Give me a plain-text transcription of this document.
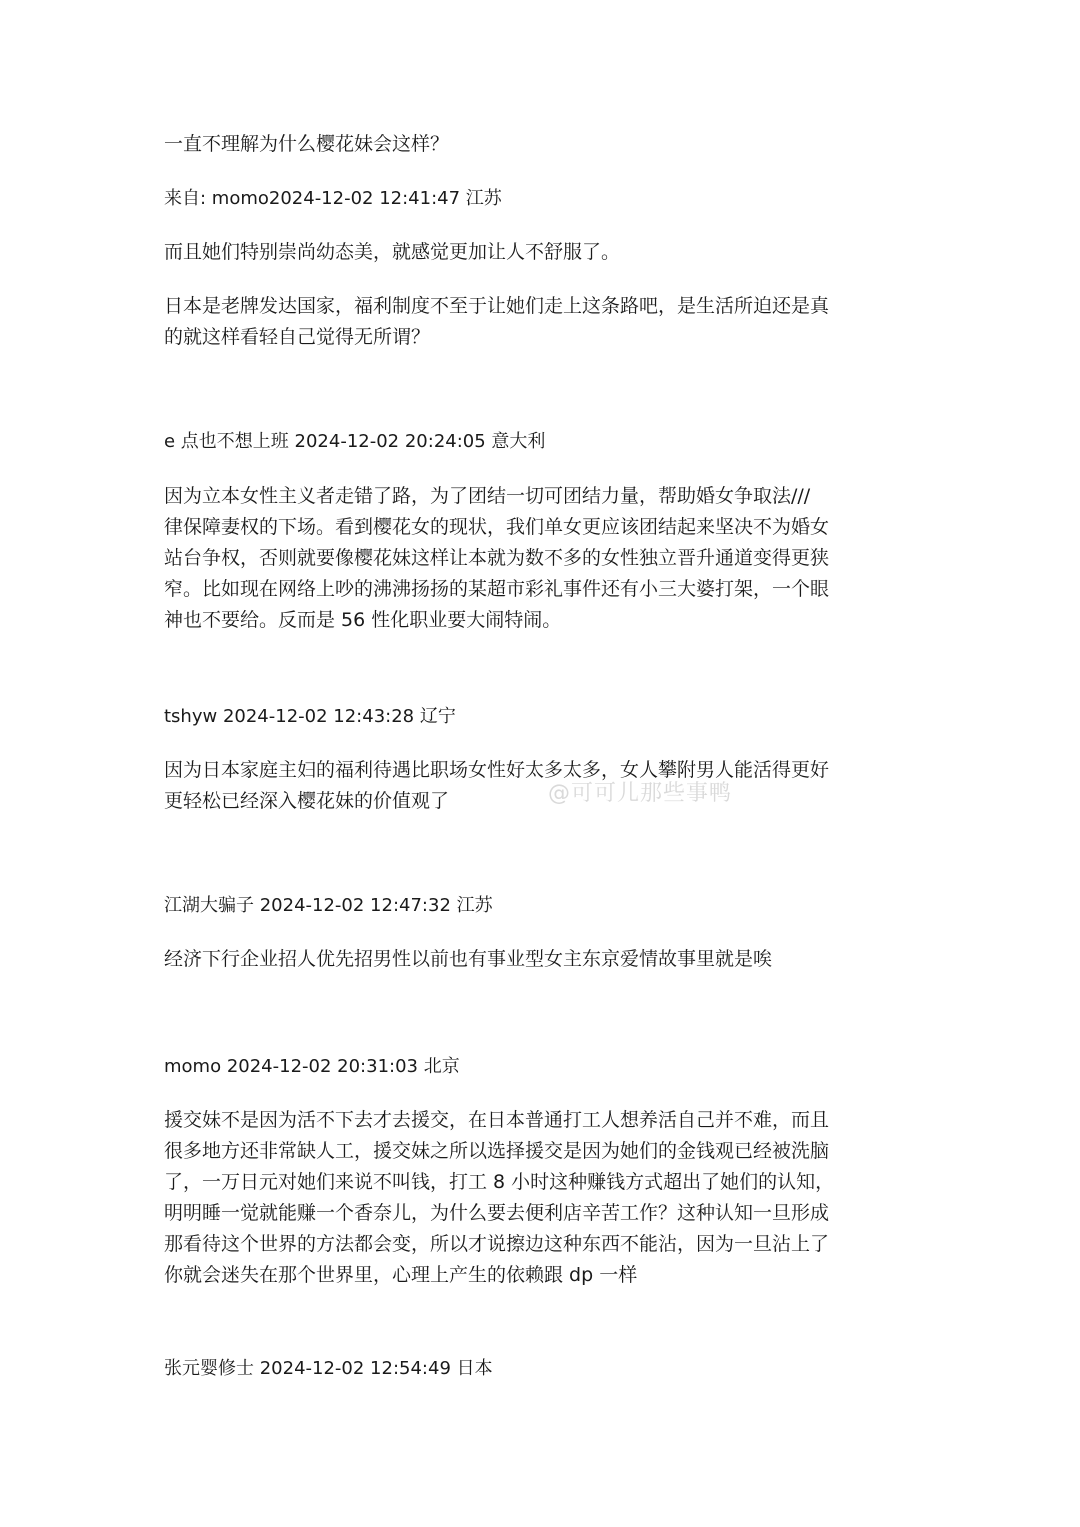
一直不理解为什么樱花妹会这样？

来自: momo2024-12-02 12:41:47 江苏

而且她们特别崇尚幼态美，就感觉更加让人不舒服了。

日本是老牌发达国家，福利制度不至于让她们走上这条路吧，是生活所迫还是真
的就这样看轻自己觉得无所谓？

e 点也不想上班 2024-12-02 20:24:05 意大利

因为立本女性主义者走错了路，为了团结一切可团结力量，帮助婚女争取法///
律保障妻权的下场。看到樱花女的现状，我们单女更应该团结起来坚决不为婚女
站台争权，否则就要像樱花妹这样让本就为数不多的女性独立晋升通道变得更狭
窄。比如现在网络上吵的沸沸扬扬的某超市彩礼事件还有小三大婆打架，一个眼
神也不要给。反而是 56 性化职业要大闹特闹。

tshyw 2024-12-02 12:43:28 辽宁

因为日本家庭主妇的福利待遇比职场女性好太多太多，女人攀附男人能活得更好
更轻松已经深入樱花妹的价值观了

江湖大骗子 2024-12-02 12:47:32 江苏

经济下行企业招人优先招男性以前也有事业型女主东京爱情故事里就是唉

momo 2024-12-02 20:31:03 北京

援交妹不是因为活不下去才去援交，在日本普通打工人想养活自己并不难，而且
很多地方还非常缺人工，援交妹之所以选择援交是因为她们的金钱观已经被洗脑
了，一万日元对她们来说不叫钱，打工 8 小时这种赚钱方式超出了她们的认知，
明明睡一觉就能赚一个香奈儿，为什么要去便利店辛苦工作？这种认知一旦形成
那看待这个世界的方法都会变，所以才说擦边这种东西不能沾，因为一旦沾上了
你就会迷失在那个世界里，心理上产生的依赖跟 dp 一样

张元婴修士 2024-12-02 12:54:49 日本

@可可儿那些事鸭
